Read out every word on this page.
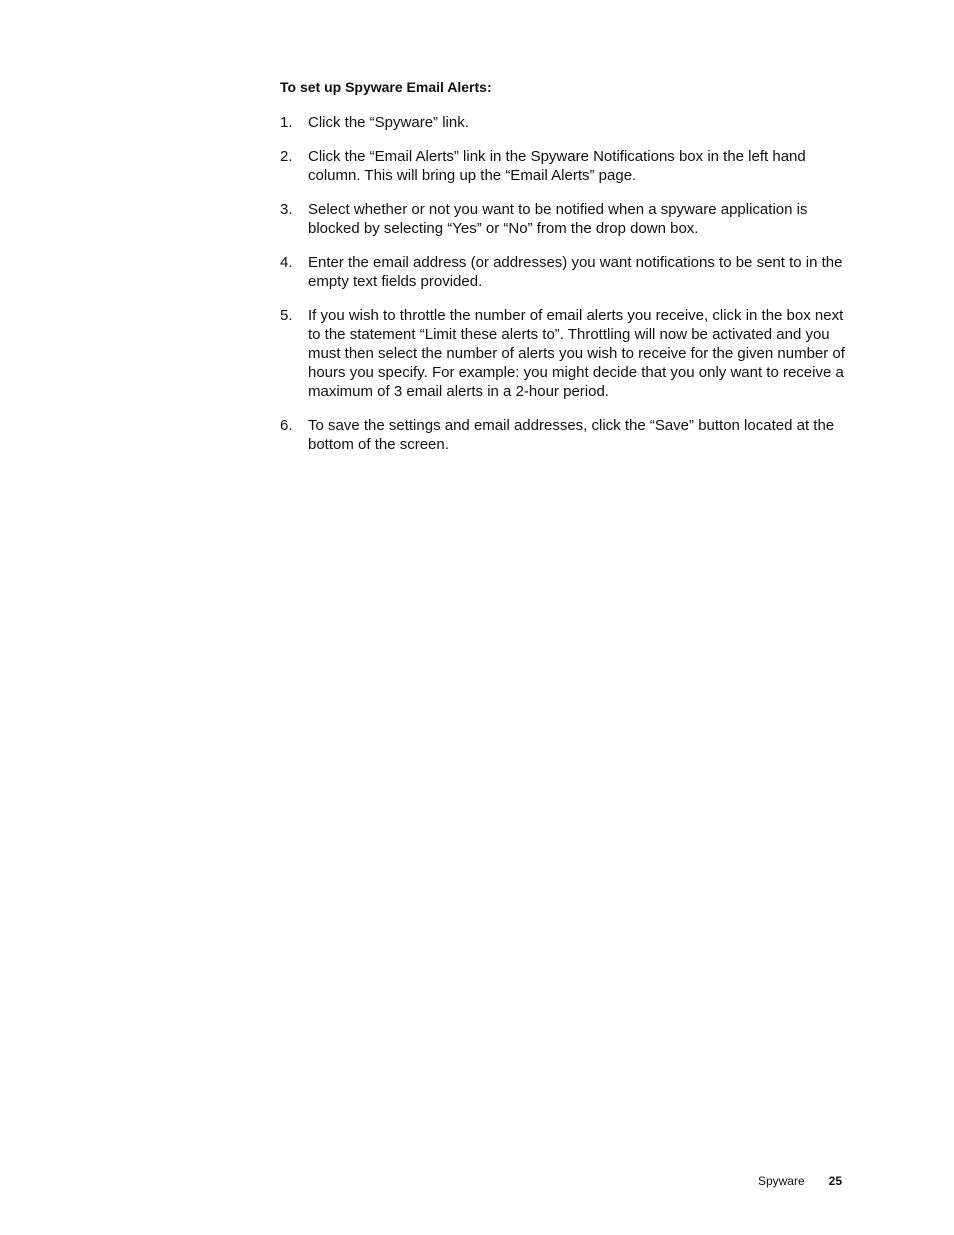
To set up Spyware Email Alerts:
1.	Click the “Spyware” link.
2.	Click the “Email Alerts” link in the Spyware Notifications box in the left hand column. This will bring up the “Email Alerts” page.
3.	Select whether or not you want to be notified when a spyware application is blocked by selecting “Yes” or “No” from the drop down box.
4.	Enter the email address (or addresses) you want notifications to be sent to in the empty text fields provided.
5.	If you wish to throttle the number of email alerts you receive, click in the box next to the statement “Limit these alerts to”. Throttling will now be activated and you must then select the number of alerts you wish to receive for the given number of hours you specify. For example: you might decide that you only want to receive a maximum of 3 email alerts in a 2-hour period.
6.	To save the settings and email addresses, click the “Save” button located at the bottom of the screen.
Spyware 25
